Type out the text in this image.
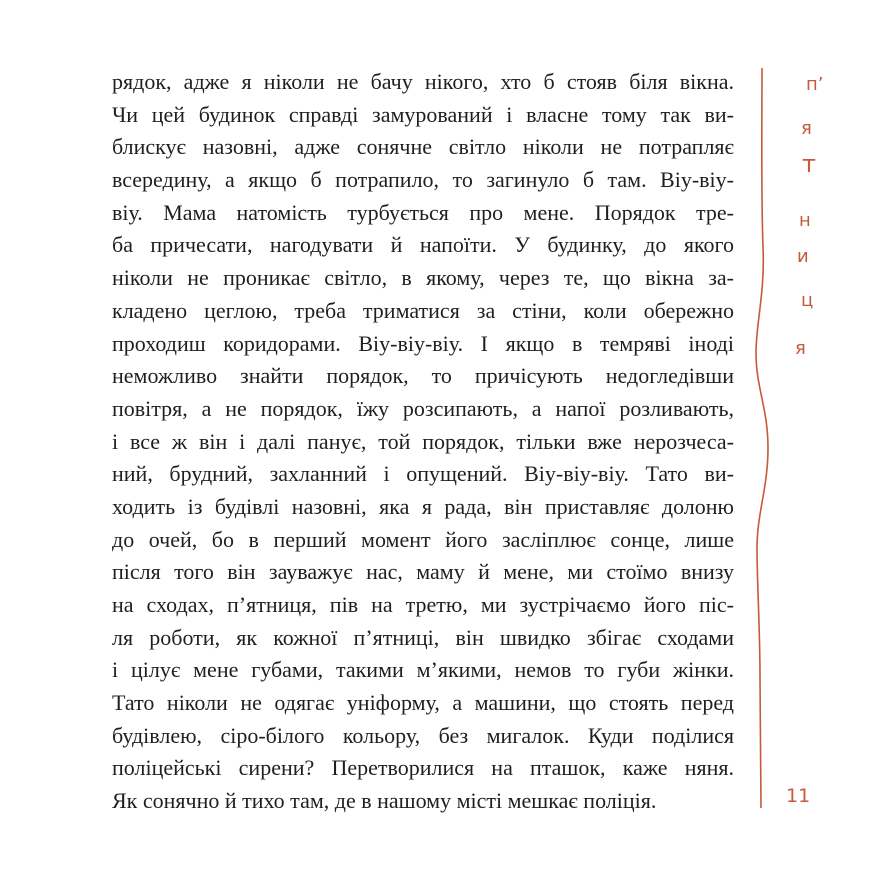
рядок, адже я ніколи не бачу нікого, хто б стояв біля вікна.
Чи цей будинок справді замурований і власне тому так ви-
блискує назовні, адже сонячне світло ніколи не потрапляє
всередину, а якщо б потрапило, то загинуло б там. Віу-віу-
віу. Мама натомість турбується про мене. Порядок тре-
ба причесати, нагодувати й напоїти. У будинку, до якого
ніколи не проникає світло, в якому, через те, що вікна за-
кладено цеглою, треба триматися за стіни, коли обережно
проходиш коридорами. Віу-віу-віу. І якщо в темряві іноді
неможливо знайти порядок, то причісують недогледівши
повітря, а не порядок, їжу розсипають, а напої розливають,
і все ж він і далі панує, той порядок, тільки вже нерозчеса-
ний, брудний, захланний і опущений. Віу-віу-віу. Тато ви-
ходить із будівлі назовні, яка я рада, він приставляє долоню
до очей, бо в перший момент його засліплює сонце, лише
після того він зауважує нас, маму й мене, ми стоїмо внизу
на сходах, п’ятниця, пів на третю, ми зустрічаємо його піс-
ля роботи, як кожної п’ятниці, він швидко збігає сходами
і цілує мене губами, такими м’якими, немов то губи жінки.
Тато ніколи не одягає уніформу, а машини, що стоять перед
будівлею, сіро-білого кольору, без мигалок. Куди поділися
поліцейські сирени? Перетворилися на пташок, каже няня.
Як сонячно й тихо там, де в нашому місті мешкає поліція.
п’
я
т
н
и
ц
я
11
